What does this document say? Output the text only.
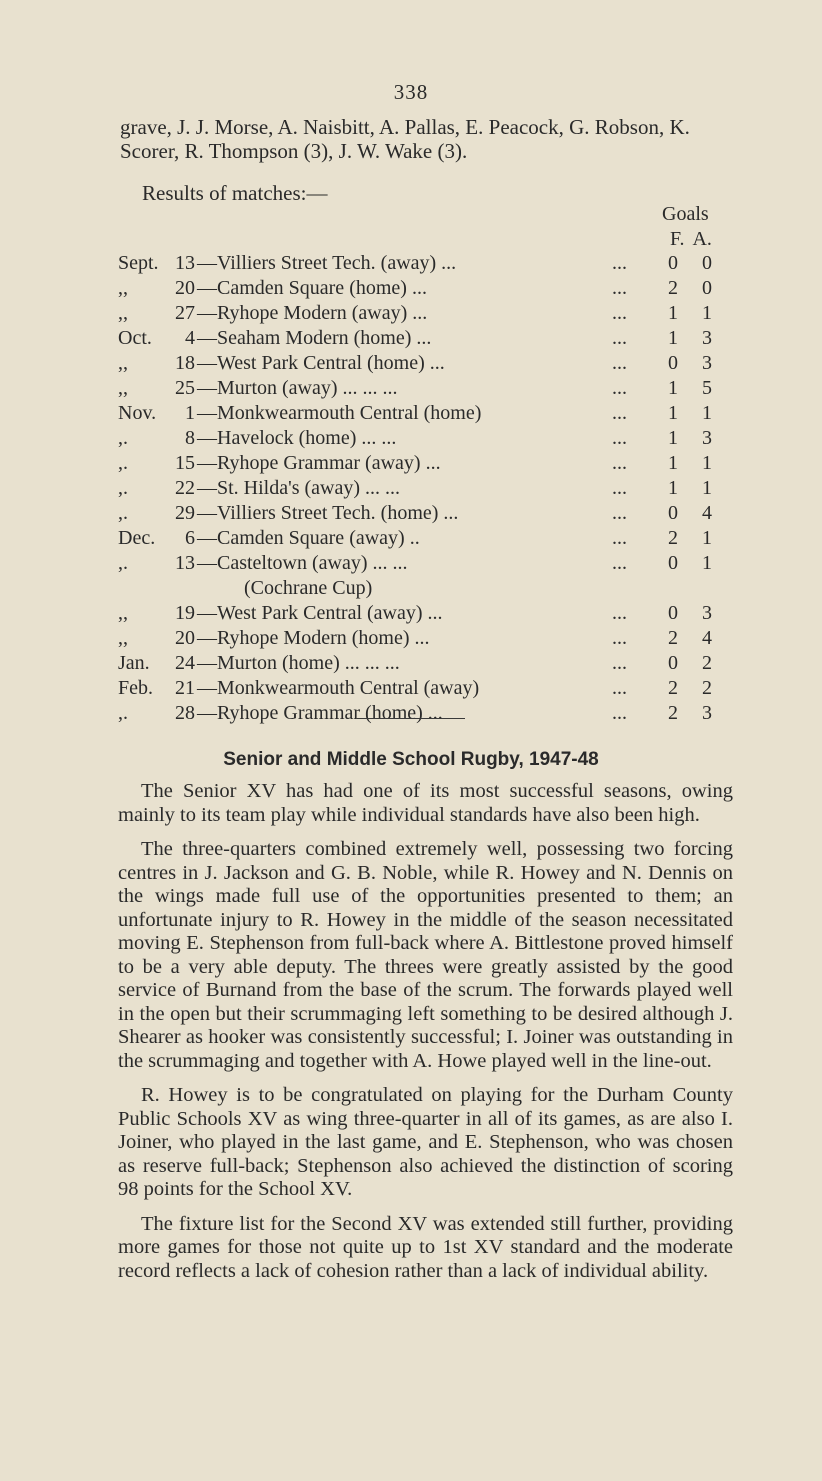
338

grave, J. J. Morse, A. Naisbitt, A. Pallas, E. Peacock, G. Robson, K. Scorer, R. Thompson (3), J. W. Wake (3).

Results of matches:—

Goals
F. A.
Sept. 13 —Villiers Street Tech. (away) ...	... 0 0
,, 20 —Camden Square (home) ...	... 2 0
,, 27 —Ryhope Modern (away) ...	... 1 1
Oct.	4 —Seaham Modern (home) ...	... 1 3
,, 18 —West Park Central (home) ...	... 0 3
,, 25 —Murton (away) ... ... ...	... 1 5
Nov.	1 —Monkwearmouth Central (home)	... 1 1
,.	8 —Havelock (home) ... ...	... 1 3
,. 15 —Ryhope Grammar (away) ...	... 1 1
,. 22 —St. Hilda's (away) ... ...	... 1 1
,. 29 —Villiers Street Tech. (home) ...	... 0 4
Dec.	6 —Camden Square (away) ..	... 2 1
,. 13 —Casteltown (away) ... ...	... 0 1
(Cochrane Cup)
,, 19 —West Park Central (away) ...	... 0 3
,, 20 —Ryhope Modern (home) ...	... 2 4
Jan. 24 —Murton (home) ... ... ...	... 0 2
Feb. 21 —Monkwearmouth Central (away)	... 2 2
,. 28 —Ryhope Grammar (home) ...	... 2 3
Senior and Middle School Rugby, 1947-48

The Senior XV has had one of its most successful seasons, owing mainly to its team play while individual standards have also been high.

The three-quarters combined extremely well, possessing two forcing centres in J. Jackson and G. B. Noble, while R. Howey and N. Dennis on the wings made full use of the opportunities presented to them; an unfortunate injury to R. Howey in the middle of the season necessitated moving E. Stephenson from full-back where A. Bittlestone proved himself to be a very able deputy. The threes were greatly assisted by the good service of Burnand from the base of the scrum. The forwards played well in the open but their scrummaging left something to be desired although J. Shearer as hooker was consistently successful; I. Joiner was outstanding in the scrummaging and together with A. Howe played well in the line-out.

R. Howey is to be congratulated on playing for the Durham County Public Schools XV as wing three-quarter in all of its games, as are also I. Joiner, who played in the last game, and E. Stephenson, who was chosen as reserve full-back; Stephenson also achieved the distinction of scoring 98 points for the School XV.

The fixture list for the Second XV was extended still further, providing more games for those not quite up to 1st XV standard and the moderate record reflects a lack of cohesion rather than a lack of individual ability.
